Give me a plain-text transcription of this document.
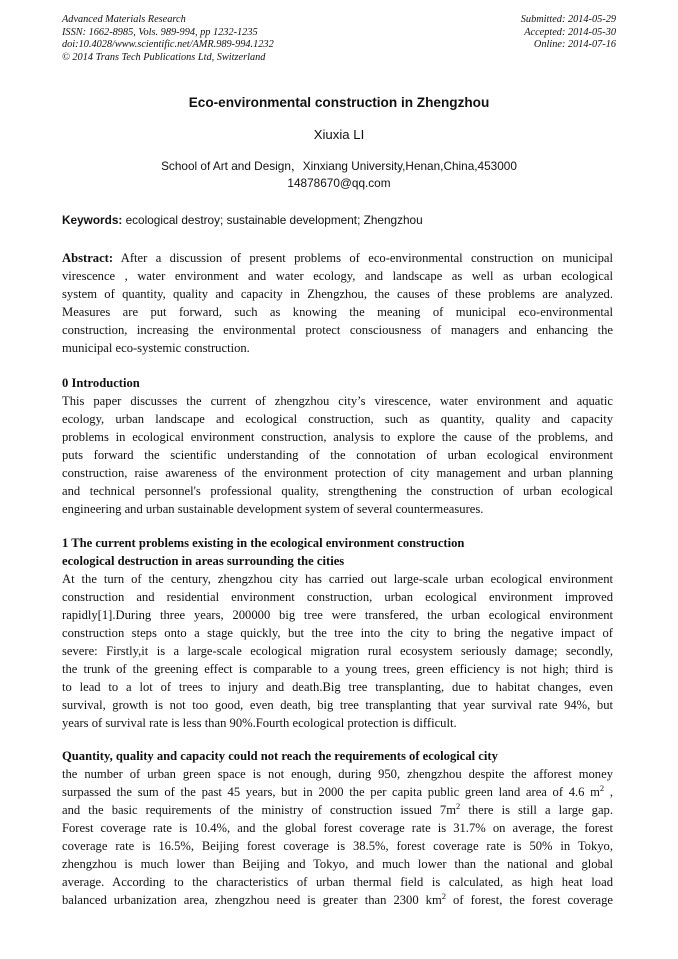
Advanced Materials Research
ISSN: 1662-8985, Vols. 989-994, pp 1232-1235
doi:10.4028/www.scientific.net/AMR.989-994.1232
© 2014 Trans Tech Publications Ltd, Switzerland
Submitted: 2014-05-29
Accepted: 2014-05-30
Online: 2014-07-16
Eco-environmental construction in Zhengzhou
Xiuxia LI
School of Art and Design，Xinxiang University,Henan,China,453000
14878670@qq.com
Keywords: ecological destroy; sustainable development; Zhengzhou
Abstract: After a discussion of present problems of eco-environmental construction on municipal
virescence , water environment and water ecology, and landscape as well as urban ecological
system of quantity, quality and capacity in Zhengzhou, the causes of these problems are analyzed.
Measures are put forward, such as knowing the meaning of municipal eco-environmental
construction, increasing the environmental protect consciousness of managers and enhancing the
municipal eco-systemic construction.
0 Introduction
This paper discusses the current of zhengzhou city’s virescence, water environment and aquatic
ecology, urban landscape and ecological construction, such as quantity, quality and capacity
problems in ecological environment construction, analysis to explore the cause of the problems, and
puts forward the scientific understanding of the connotation of urban ecological environment
construction, raise awareness of the environment protection of city management and urban planning
and technical personnel's professional quality, strengthening the construction of urban ecological
engineering and urban sustainable development system of several countermeasures.
1 The current problems existing in the ecological environment construction
ecological destruction in areas surrounding the cities
At the turn of the century, zhengzhou city has carried out large-scale urban ecological environment
construction and residential environment construction, urban ecological environment improved
rapidly[1].During three years, 200000 big tree were transfered, the urban ecological environment
construction steps onto a stage quickly, but the tree into the city to bring the negative impact of
severe: Firstly,it is a large-scale ecological migration rural ecosystem seriously damage; secondly,
the trunk of the greening effect is comparable to a young trees, green efficiency is not high; third is
to lead to a lot of trees to injury and death.Big tree transplanting, due to habitat changes, even
survival, growth is not too good, even death, big tree transplanting that year survival rate 94%, but
years of survival rate is less than 90%.Fourth ecological protection is difficult.
Quantity, quality and capacity could not reach the requirements of ecological city
the number of urban green space is not enough, during 950, zhengzhou despite the afforest money
surpassed the sum of the past 45 years, but in 2000 the per capita public green land area of 4.6 $m^2$ ,
and the basic requirements of the ministry of construction issued $7m^2$ there is still a large gap.
Forest coverage rate is 10.4%, and the global forest coverage rate is 31.7% on average, the forest
coverage rate is 16.5%, Beijing forest coverage is 38.5%, forest coverage rate is 50% in Tokyo,
zhengzhou is much lower than Beijing and Tokyo, and much lower than the national and global
average. According to the characteristics of urban thermal field is calculated, as high heat load
balanced urbanization area, zhengzhou need is greater than 2300 $km^2$ of forest, the forest coverage
